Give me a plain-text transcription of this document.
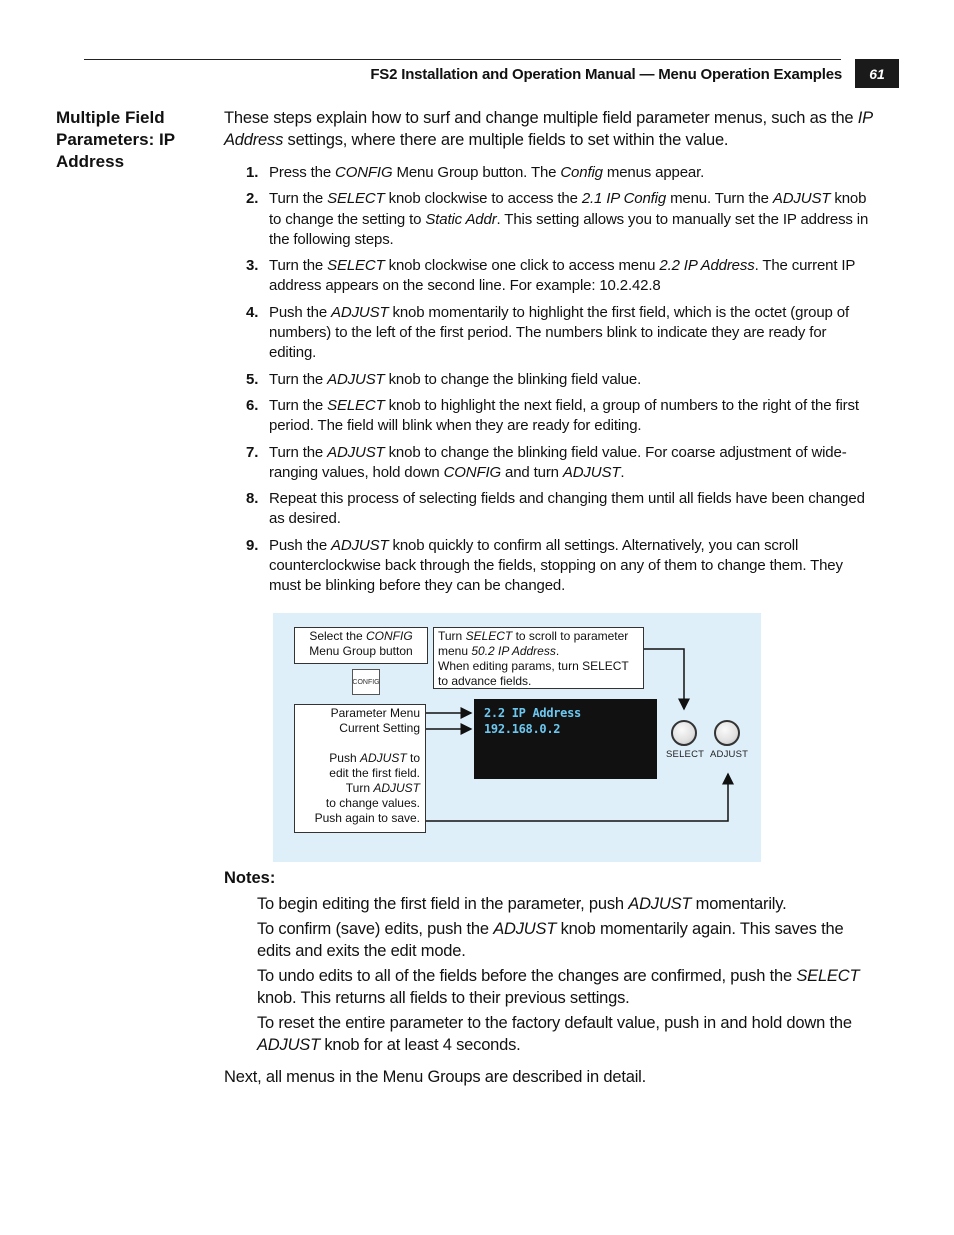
FS2 Installation and Operation Manual — Menu Operation Examples	61
Multiple Field Parameters: IP Address
These steps explain how to surf and change multiple field parameter menus, such as the IP Address settings, where there are multiple fields to set within the value.
1. Press the CONFIG Menu Group button. The Config menus appear.
2. Turn the SELECT knob clockwise to access the 2.1 IP Config menu. Turn the ADJUST knob to change the setting to Static Addr. This setting allows you to manually set the IP address in the following steps.
3. Turn the SELECT knob clockwise one click to access menu 2.2 IP Address. The current IP address appears on the second line. For example: 10.2.42.8
4. Push the ADJUST knob momentarily to highlight the first field, which is the octet (group of numbers) to the left of the first period. The numbers blink to indicate they are ready for editing.
5. Turn the ADJUST knob to change the blinking field value.
6. Turn the SELECT knob to highlight the next field, a group of numbers to the right of the first period. The field will blink when they are ready for editing.
7. Turn the ADJUST knob to change the blinking field value. For coarse adjustment of wide-ranging values, hold down CONFIG and turn ADJUST.
8. Repeat this process of selecting fields and changing them until all fields have been changed as desired.
9. Push the ADJUST knob quickly to confirm all settings. Alternatively, you can scroll counterclockwise back through the fields, stopping on any of them to change them. They must be blinking before they can be changed.
Select the CONFIG
Menu Group button
Turn SELECT to scroll to parameter
menu 50.2 IP Address.
When editing params, turn SELECT
to advance fields.
Parameter Menu
Current Setting

Push ADJUST to
edit the first field.
Turn ADJUST
to change values.
Push again to save.
CONFIG
2.2 IP Address
192.168.0.2
SELECT ADJUST
Notes:
To begin editing the first field in the parameter, push ADJUST momentarily.
To confirm (save) edits, push the ADJUST knob momentarily again. This saves the edits and exits the edit mode.
To undo edits to all of the fields before the changes are confirmed, push the SELECT knob. This returns all fields to their previous settings.
To reset the entire parameter to the factory default value, push in and hold down the ADJUST knob for at least 4 seconds.
Next, all menus in the Menu Groups are described in detail.
